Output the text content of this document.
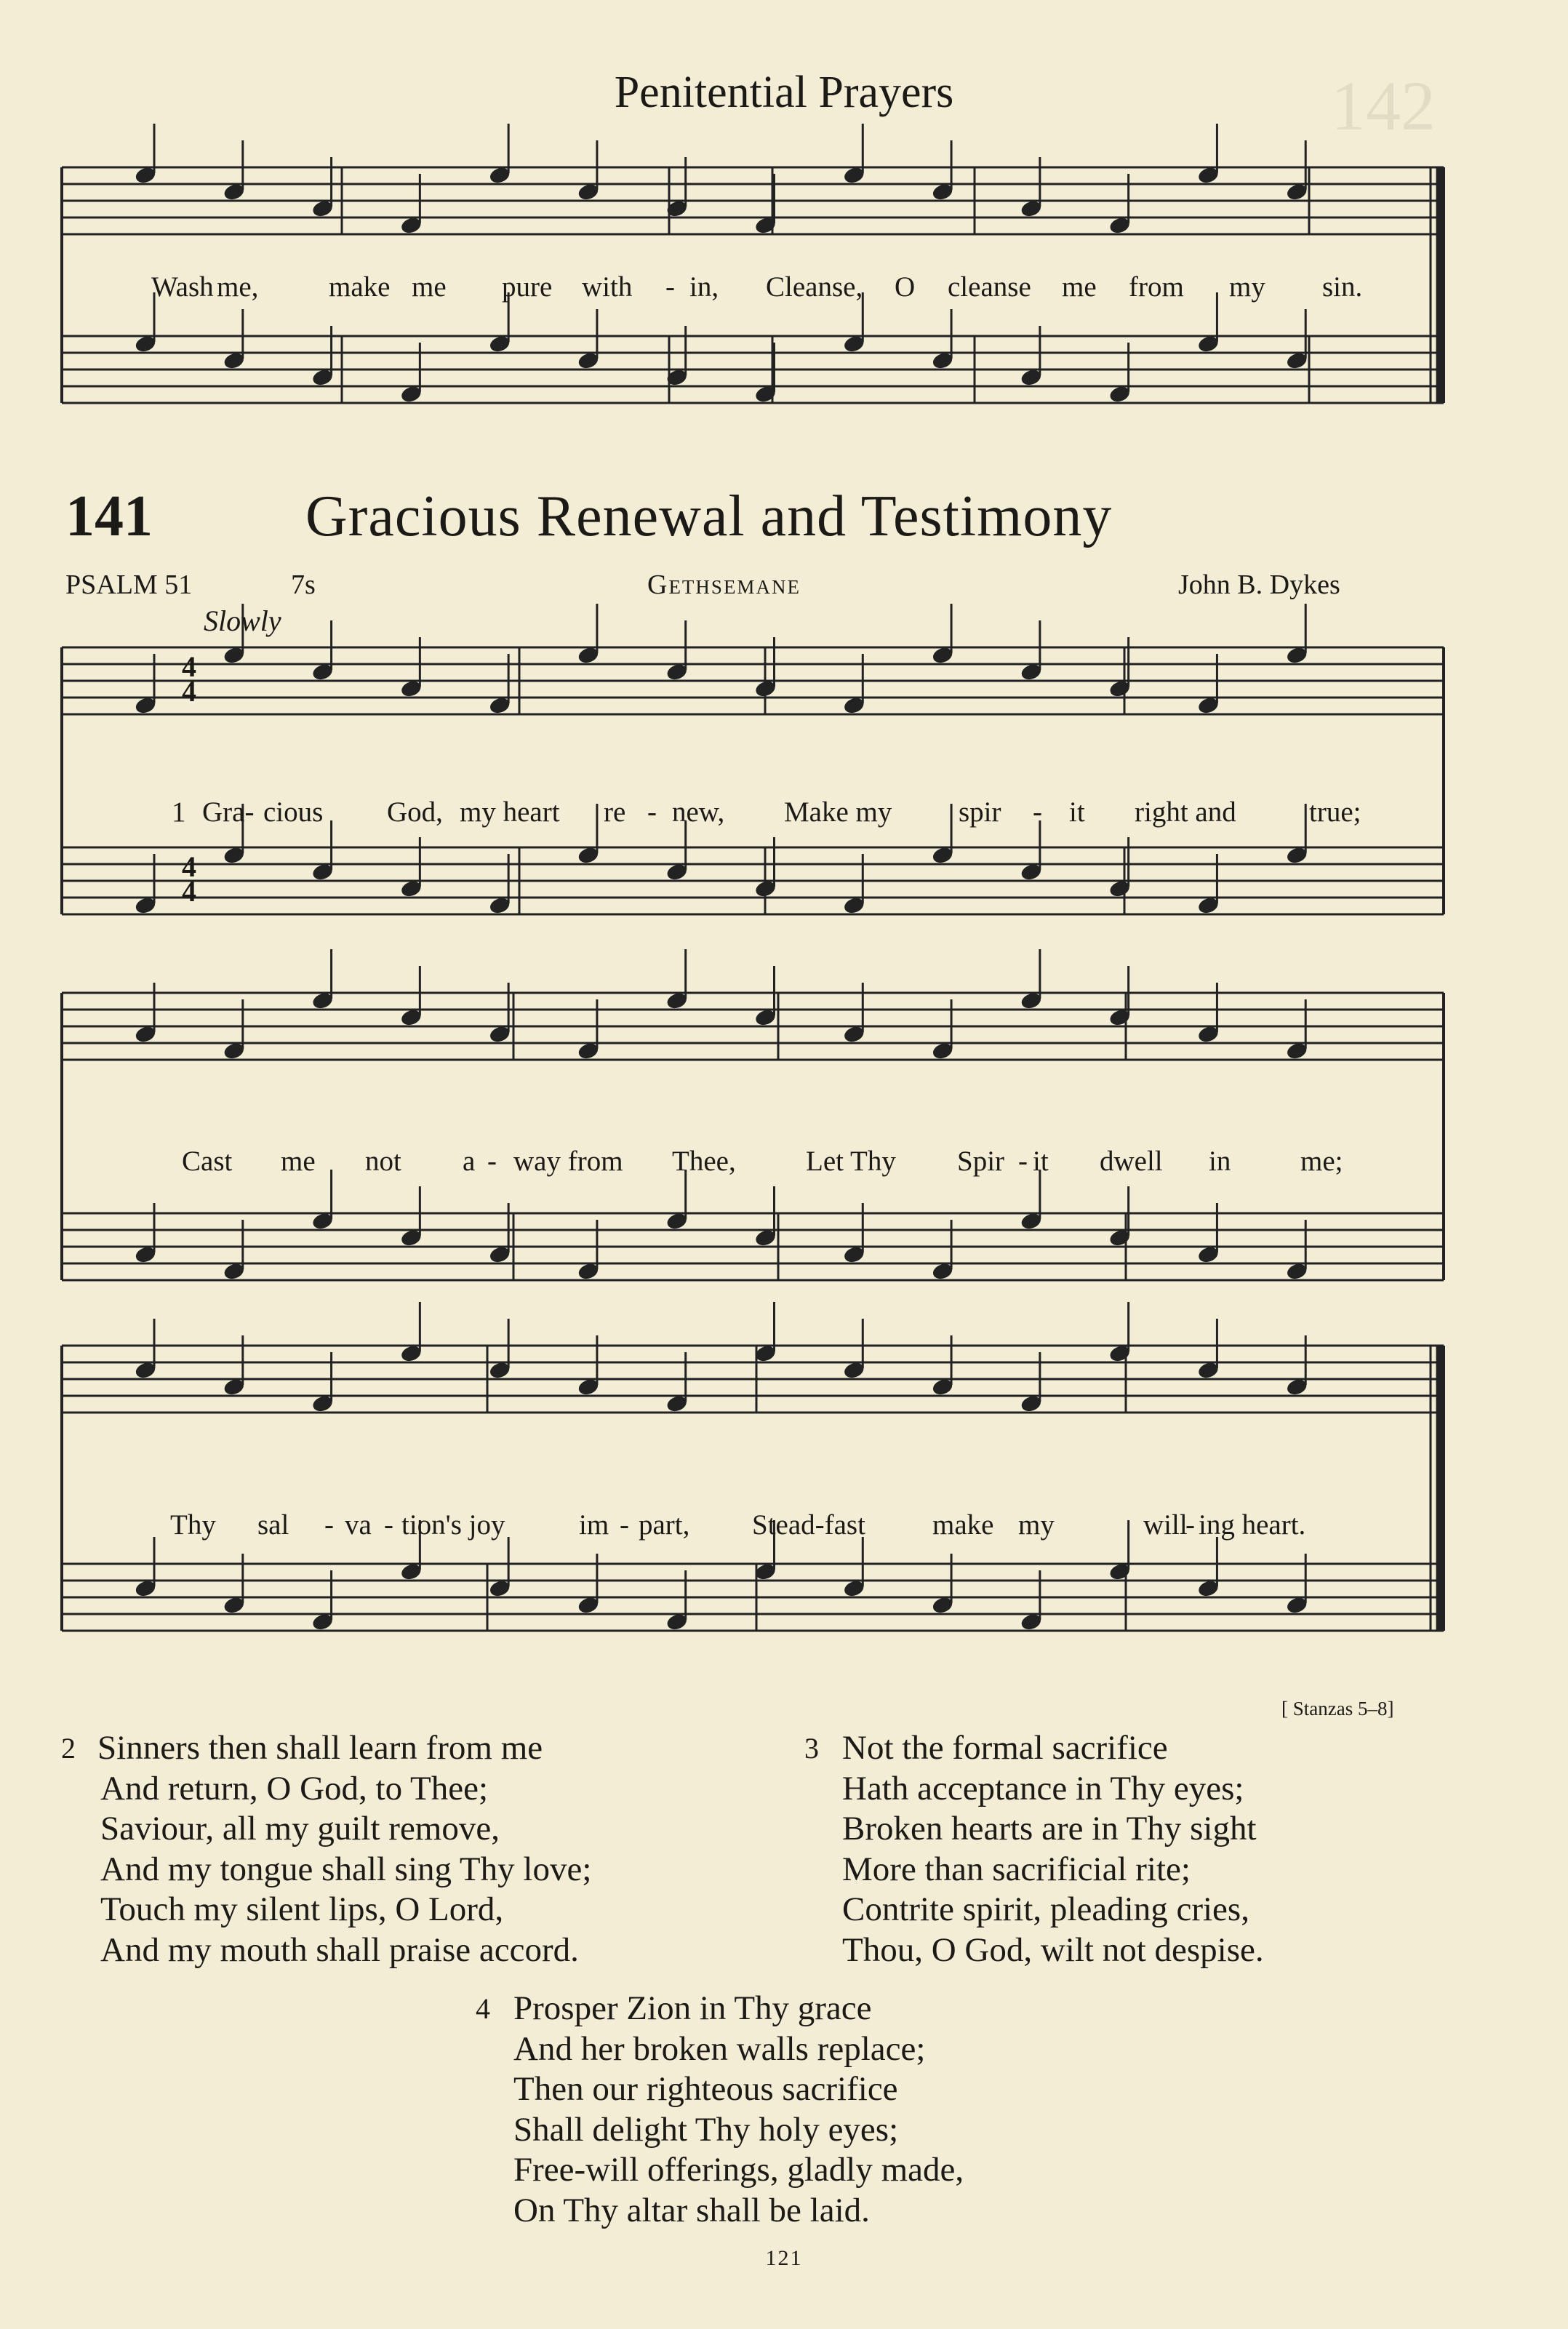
Penitential Prayers	142
Wash me, make me pure with - in, Cleanse, O cleanse me from my sin.
141	Gracious Renewal and Testimony
PSALM 51	7s	Gethsemane	John B. Dykes
Slowly
4
4
4
4
1 Gra- cious God, my heart re - new, Make my spir - it right and	true;
Cast me not a - way from Thee, Let Thy Spir - it dwell in me;
Thy sal - va - tion's joy	im - part, Stead-fast make my	will
- ing heart.
[ Stanzas 5–8]
2 Sinners then shall learn from me
And return, O God, to Thee;
Saviour, all my guilt remove,
And my tongue shall sing Thy love;
Touch my silent lips, O Lord,
And my mouth shall praise accord.
3 Not the formal sacrifice
Hath acceptance in Thy eyes;
Broken hearts are in Thy sight
More than sacrificial rite;
Contrite spirit, pleading cries,
Thou, O God, wilt not despise.
4 Prosper Zion in Thy grace
And her broken walls replace;
Then our righteous sacrifice
Shall delight Thy holy eyes;
Free-will offerings, gladly made,
On Thy altar shall be laid.
121
